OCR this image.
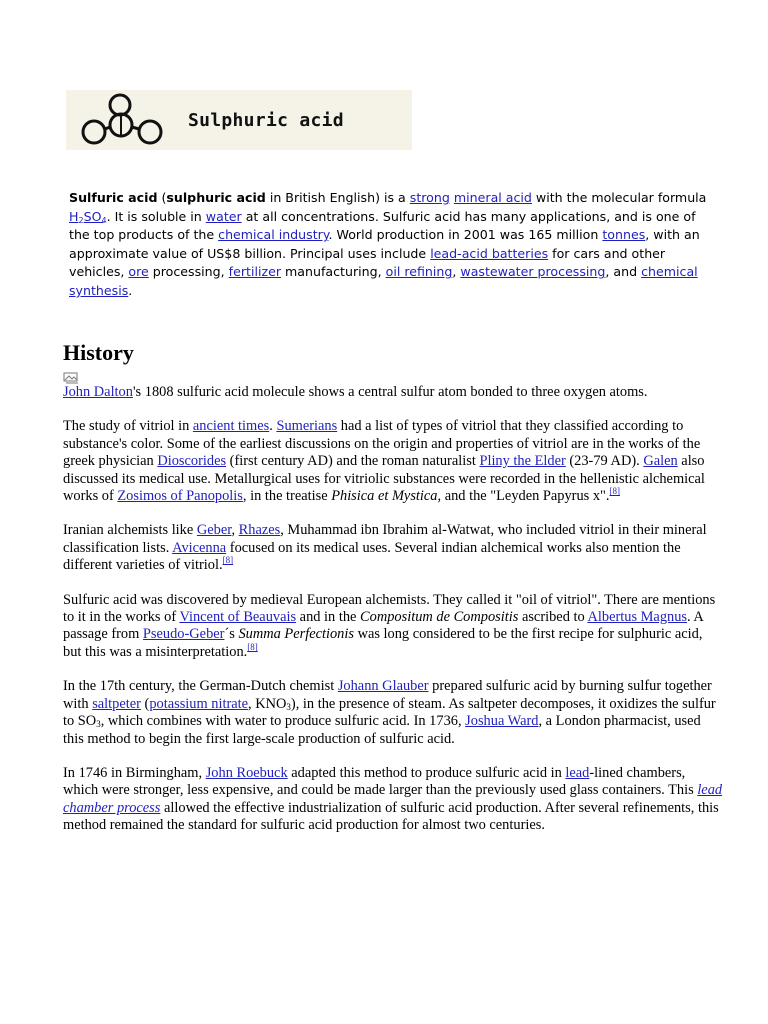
Sulphuric acid
Sulfuric acid (sulphuric acid in British English) is a strong mineral acid with the molecular formula $H_2SO_4$. It is soluble in water at all concentrations. Sulfuric acid has many applications, and is one of the top products of the chemical industry. World production in 2001 was 165 million tonnes, with an approximate value of US$8 billion. Principal uses include lead-acid batteries for cars and other vehicles, ore processing, fertilizer manufacturing, oil refining, wastewater processing, and chemical synthesis.
History
John Dalton's 1808 sulfuric acid molecule shows a central sulfur atom bonded to three oxygen atoms.

The study of vitriol in ancient times. Sumerians had a list of types of vitriol that they classified according to substance's color. Some of the earliest discussions on the origin and properties of vitriol are in the works of the greek physician Dioscorides (first century AD) and the roman naturalist Pliny the Elder (23-79 AD). Galen also discussed its medical use. Metallurgical uses for vitriolic substances were recorded in the hellenistic alchemical works of Zosimos of Panopolis, in the treatise Phisica et Mystica, and the "Leyden Papyrus x".[8]

Iranian alchemists like Geber, Rhazes, Muhammad ibn Ibrahim al-Watwat, who included vitriol in their mineral classification lists. Avicenna focused on its medical uses. Several indian alchemical works also mention the different varieties of vitriol.[8]

Sulfuric acid was discovered by medieval European alchemists. They called it "oil of vitriol". There are mentions to it in the works of Vincent of Beauvais and in the Compositum de Compositis ascribed to Albertus Magnus. A passage from Pseudo-Geber´s Summa Perfectionis was long considered to be the first recipe for sulphuric acid, but this was a misinterpretation.[8]

In the 17th century, the German-Dutch chemist Johann Glauber prepared sulfuric acid by burning sulfur together with saltpeter (potassium nitrate, $KNO_3$), in the presence of steam. As saltpeter decomposes, it oxidizes the sulfur to $SO_3$, which combines with water to produce sulfuric acid. In 1736, Joshua Ward, a London pharmacist, used this method to begin the first large-scale production of sulfuric acid.

In 1746 in Birmingham, John Roebuck adapted this method to produce sulfuric acid in lead-lined chambers, which were stronger, less expensive, and could be made larger than the previously used glass containers. This lead chamber process allowed the effective industrialization of sulfuric acid production. After several refinements, this method remained the standard for sulfuric acid production for almost two centuries.
